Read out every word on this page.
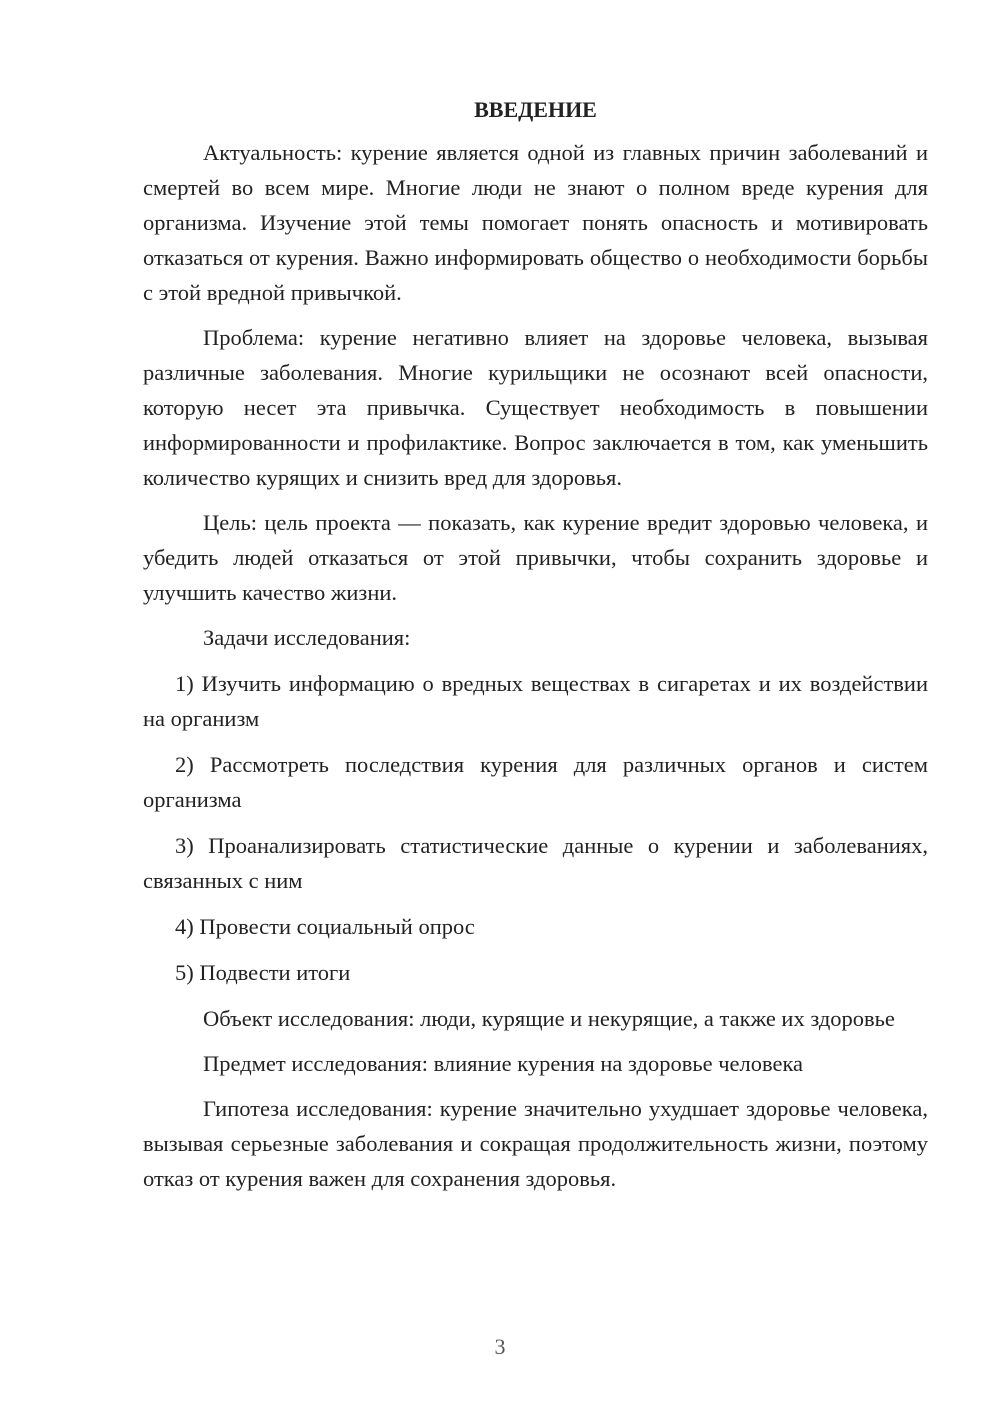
ВВЕДЕНИЕ

Актуальность: курение является одной из главных причин заболеваний и смертей во всем мире. Многие люди не знают о полном вреде курения для организма. Изучение этой темы помогает понять опасность и мотивировать отказаться от курения. Важно информировать общество о необходимости борьбы с этой вредной привычкой.

Проблема: курение негативно влияет на здоровье человека, вызывая различные заболевания. Многие курильщики не осознают всей опасности, которую несет эта привычка. Существует необходимость в повышении информированности и профилактике. Вопрос заключается в том, как уменьшить количество курящих и снизить вред для здоровья.

Цель: цель проекта — показать, как курение вредит здоровью человека, и убедить людей отказаться от этой привычки, чтобы сохранить здоровье и улучшить качество жизни.

Задачи исследования:

1) Изучить информацию о вредных веществах в сигаретах и их воздействии на организм

2) Рассмотреть последствия курения для различных органов и систем организма

3) Проанализировать статистические данные о курении и заболеваниях, связанных с ним

4) Провести социальный опрос

5) Подвести итоги

Объект исследования: люди, курящие и некурящие, а также их здоровье

Предмет исследования: влияние курения на здоровье человека

Гипотеза исследования: курение значительно ухудшает здоровье человека, вызывая серьезные заболевания и сокращая продолжительность жизни, поэтому отказ от курения важен для сохранения здоровья.

3
